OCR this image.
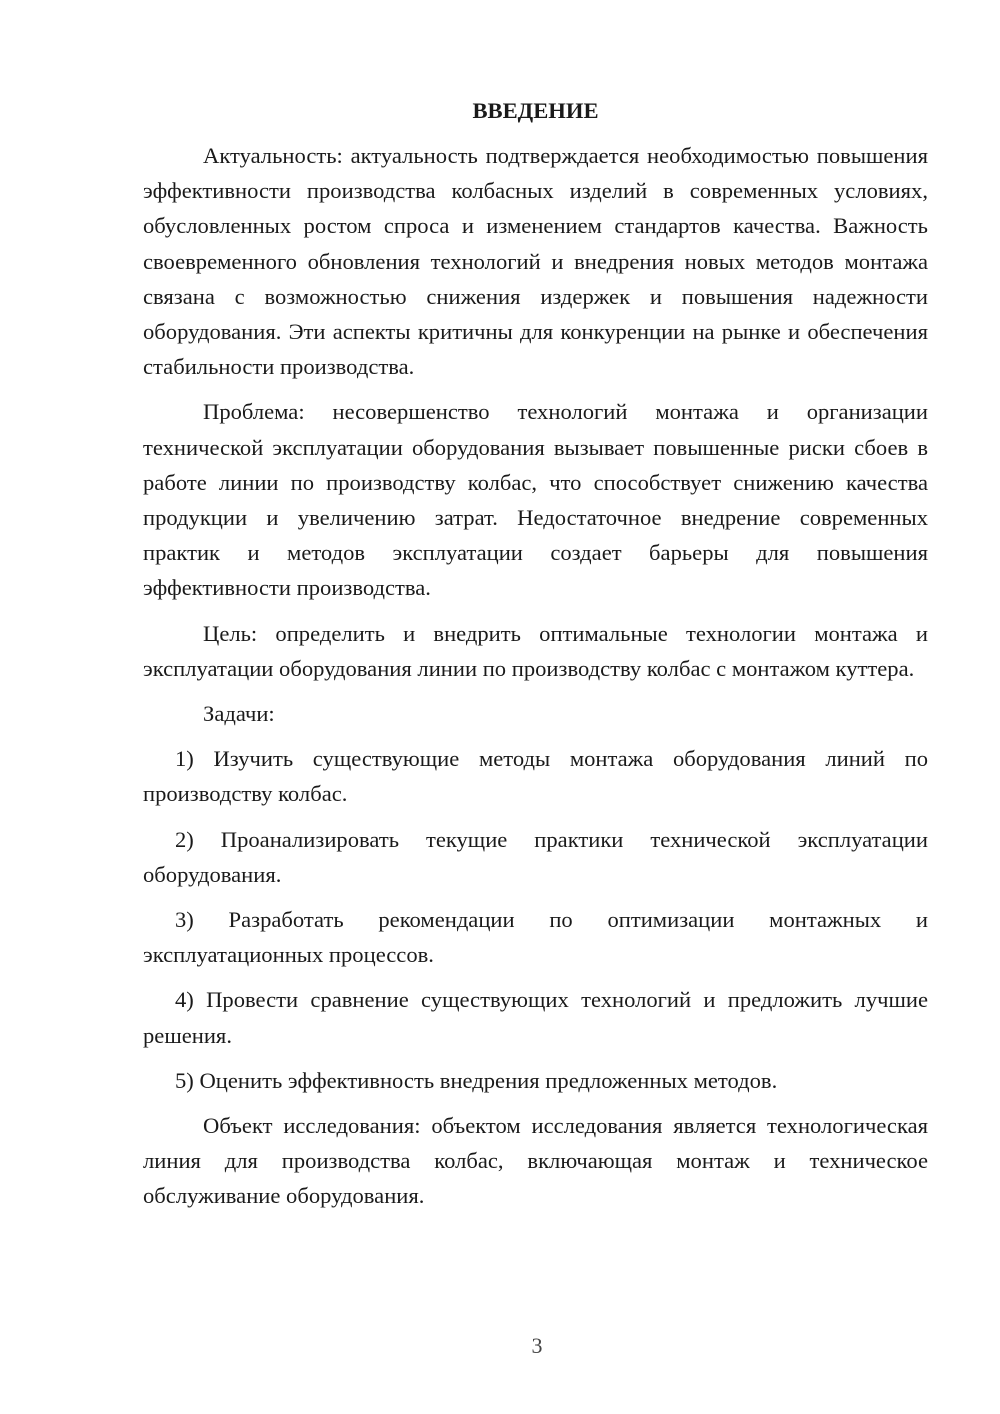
ВВЕДЕНИЕ

Актуальность: актуальность подтверждается необходимостью повышения эффективности производства колбасных изделий в современных условиях, обусловленных ростом спроса и изменением стандартов качества. Важность своевременного обновления технологий и внедрения новых методов монтажа связана с возможностью снижения издержек и повышения надежности оборудования. Эти аспекты критичны для конкуренции на рынке и обеспечения стабильности производства.

Проблема: несовершенство технологий монтажа и организации технической эксплуатации оборудования вызывает повышенные риски сбоев в работе линии по производству колбас, что способствует снижению качества продукции и увеличению затрат. Недостаточное внедрение современных практик и методов эксплуатации создает барьеры для повышения эффективности производства.

Цель: определить и внедрить оптимальные технологии монтажа и эксплуатации оборудования линии по производству колбас с монтажом куттера.

Задачи:

1) Изучить существующие методы монтажа оборудования линий по производству колбас.

2) Проанализировать текущие практики технической эксплуатации оборудования.

3) Разработать рекомендации по оптимизации монтажных и эксплуатационных процессов.

4) Провести сравнение существующих технологий и предложить лучшие решения.

5) Оценить эффективность внедрения предложенных методов.

Объект исследования: объектом исследования является технологическая линия для производства колбас, включающая монтаж и техническое обслуживание оборудования.

3
